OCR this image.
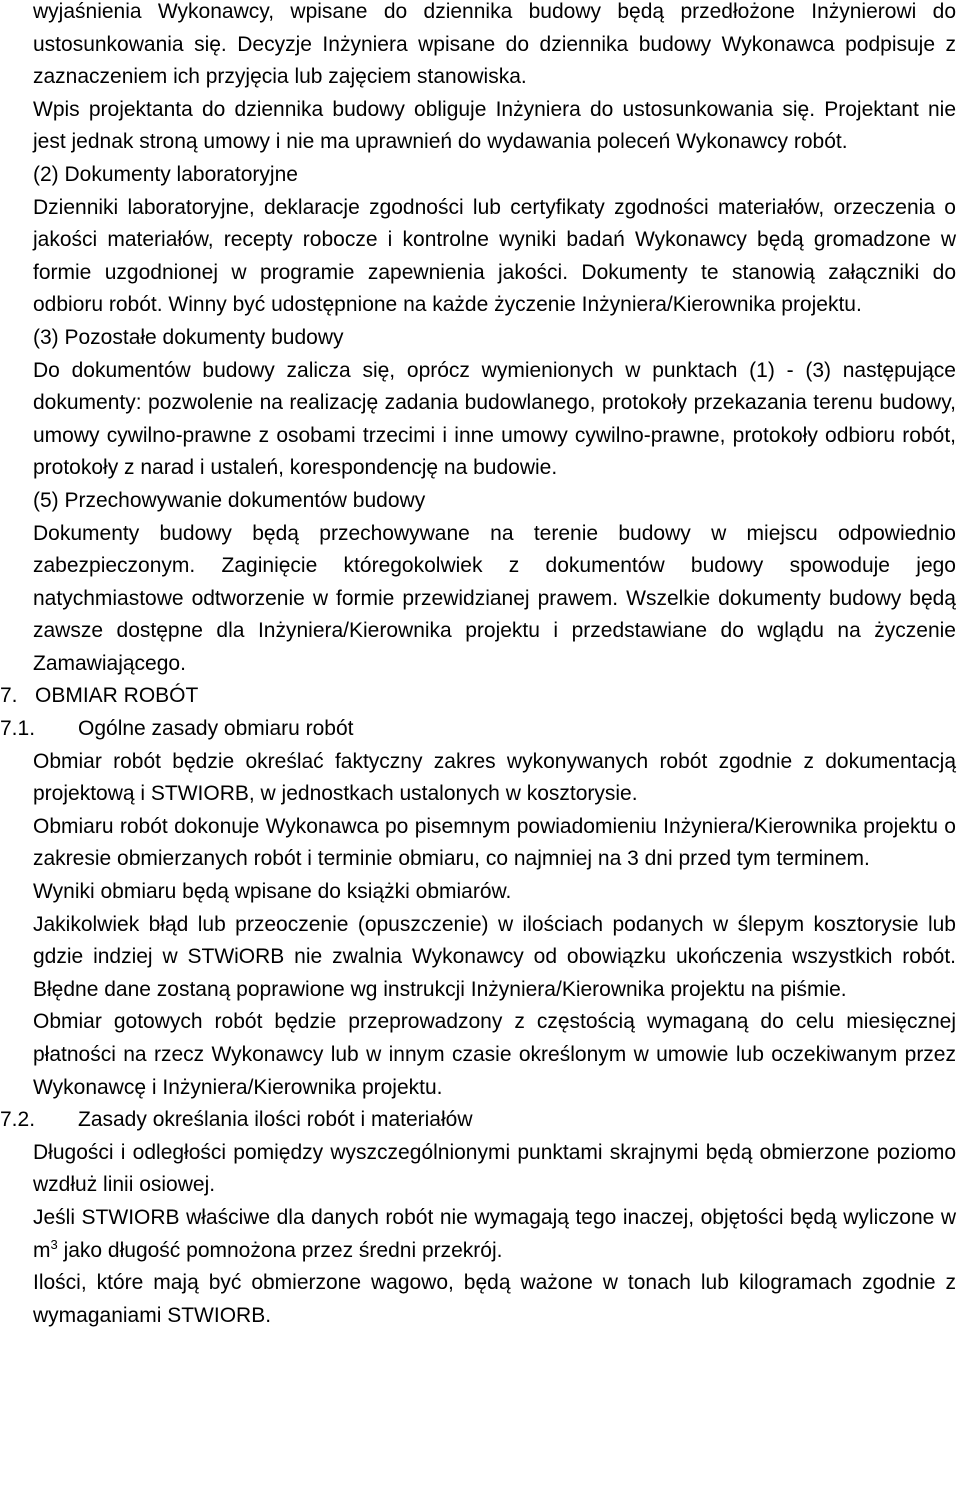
wyjaśnienia Wykonawcy, wpisane do dziennika budowy będą przedłożone Inżynierowi do ustosunkowania się. Decyzje Inżyniera wpisane do dziennika budowy Wykonawca podpisuje z zaznaczeniem ich przyjęcia lub zajęciem stanowiska.

Wpis projektanta do dziennika budowy obliguje Inżyniera do ustosunkowania się. Projektant nie jest jednak stroną umowy i nie ma uprawnień do wydawania poleceń Wykonawcy robót.

(2) Dokumenty laboratoryjne

Dzienniki laboratoryjne, deklaracje zgodności lub certyfikaty zgodności materiałów, orzeczenia o jakości materiałów, recepty robocze i kontrolne wyniki badań Wykonawcy będą gromadzone w formie uzgodnionej w programie zapewnienia jakości. Dokumenty te stanowią załączniki do odbioru robót. Winny być udostępnione na każde życzenie Inżyniera/Kierownika projektu.

(3) Pozostałe dokumenty budowy

Do dokumentów budowy zalicza się, oprócz wymienionych w punktach (1) - (3) następujące dokumenty: pozwolenie na realizację zadania budowlanego, protokoły przekazania terenu budowy, umowy cywilno-prawne z osobami trzecimi i inne umowy cywilno-prawne, protokoły odbioru robót, protokoły z narad i ustaleń, korespondencję na budowie.

(5) Przechowywanie dokumentów budowy

Dokumenty budowy będą przechowywane na terenie budowy w miejscu odpowiednio zabezpieczonym. Zaginięcie któregokolwiek z dokumentów budowy spowoduje jego natychmiastowe odtworzenie w formie przewidzianej prawem. Wszelkie dokumenty budowy będą zawsze dostępne dla Inżyniera/Kierownika projektu i przedstawiane do wglądu na życzenie Zamawiającego.

7. OBMIAR ROBÓT

7.1. Ogólne zasady obmiaru robót

Obmiar robót będzie określać faktyczny zakres wykonywanych robót zgodnie z dokumentacją projektową i STWIORB, w jednostkach ustalonych w kosztorysie.

Obmiaru robót dokonuje Wykonawca po pisemnym powiadomieniu Inżyniera/Kierownika projektu o zakresie obmierzanych robót i terminie obmiaru, co najmniej na 3 dni przed tym terminem.

Wyniki obmiaru będą wpisane do książki obmiarów.

Jakikolwiek błąd lub przeoczenie (opuszczenie) w ilościach podanych w ślepym kosztorysie lub gdzie indziej w STWiORB nie zwalnia Wykonawcy od obowiązku ukończenia wszystkich robót. Błędne dane zostaną poprawione wg instrukcji Inżyniera/Kierownika projektu na piśmie.

Obmiar gotowych robót będzie przeprowadzony z częstością wymaganą do celu miesięcznej płatności na rzecz Wykonawcy lub w innym czasie określonym w umowie lub oczekiwanym przez Wykonawcę i Inżyniera/Kierownika projektu.

7.2. Zasady określania ilości robót i materiałów

Długości i odległości pomiędzy wyszczególnionymi punktami skrajnymi będą obmierzone poziomo wzdłuż linii osiowej.

Jeśli STWIORB właściwe dla danych robót nie wymagają tego inaczej, objętości będą wyliczone w $m^3$ jako długość pomnożona przez średni przekrój.

Ilości, które mają być obmierzone wagowo, będą ważone w tonach lub kilogramach zgodnie z wymaganiami STWIORB.
